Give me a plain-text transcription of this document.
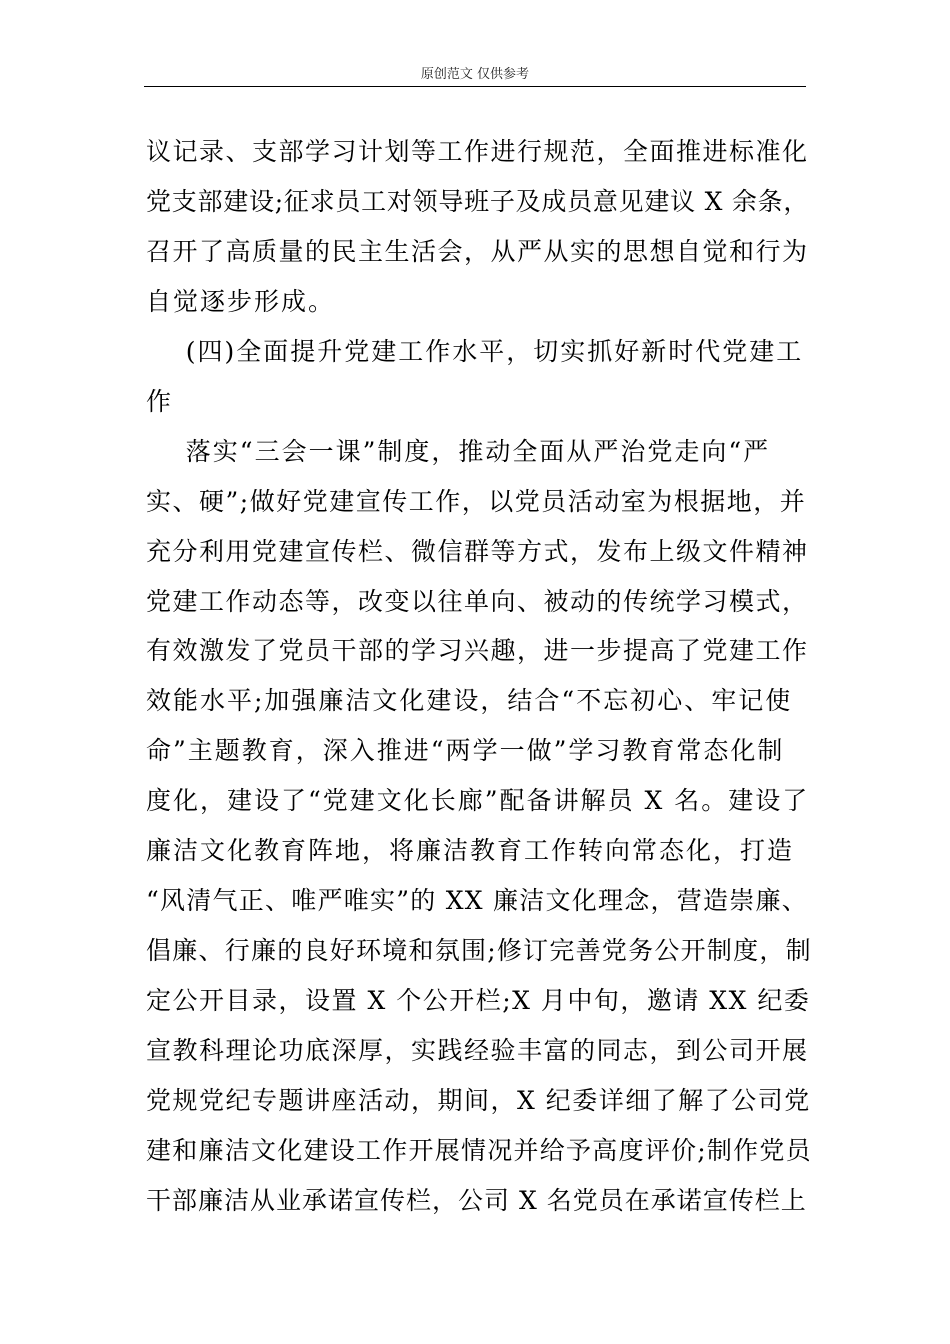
原创范文 仅供参考
议记录、支部学习计划等工作进行规范，全面推进标准化
党支部建设;征求员工对领导班子及成员意见建议 X 余条，
召开了高质量的民主生活会，从严从实的思想自觉和行为
自觉逐步形成。
(四)全面提升党建工作水平，切实抓好新时代党建工
作
落实“三会一课”制度，推动全面从严治党走向“严
实、硬”;做好党建宣传工作，以党员活动室为根据地，并
充分利用党建宣传栏、微信群等方式，发布上级文件精神
党建工作动态等，改变以往单向、被动的传统学习模式，
有效激发了党员干部的学习兴趣，进一步提高了党建工作
效能水平;加强廉洁文化建设，结合“不忘初心、牢记使
命”主题教育，深入推进“两学一做”学习教育常态化制
度化，建设了“党建文化长廊”配备讲解员 X 名。建设了
廉洁文化教育阵地，将廉洁教育工作转向常态化，打造
“风清气正、唯严唯实”的 XX 廉洁文化理念，营造崇廉、
倡廉、行廉的良好环境和氛围;修订完善党务公开制度，制
定公开目录，设置 X 个公开栏;X 月中旬，邀请 XX 纪委
宣教科理论功底深厚，实践经验丰富的同志，到公司开展
党规党纪专题讲座活动，期间，X 纪委详细了解了公司党
建和廉洁文化建设工作开展情况并给予高度评价;制作党员
干部廉洁从业承诺宣传栏，公司 X 名党员在承诺宣传栏上
